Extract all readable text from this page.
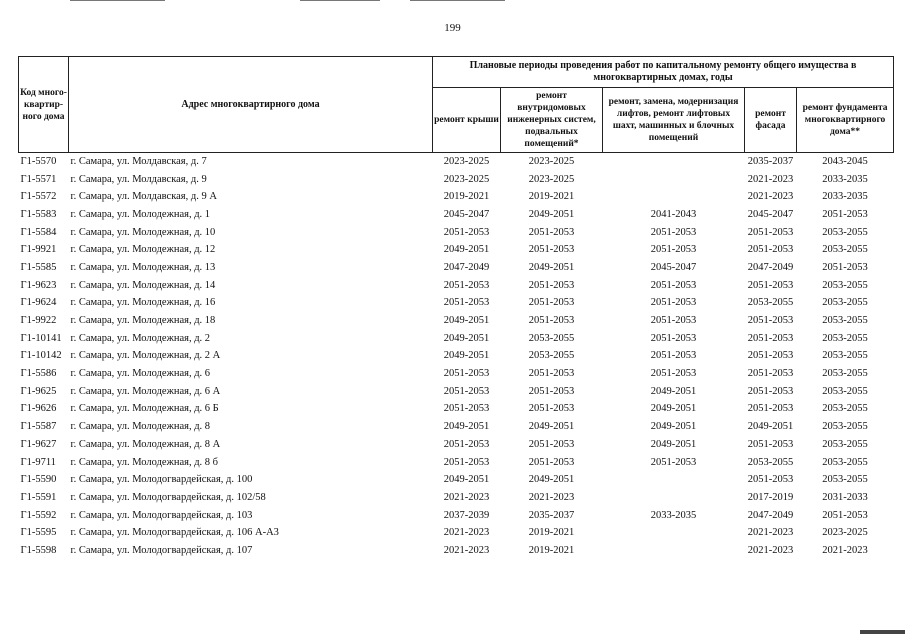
199
Код много-квартир-ного дома	Адрес многоквартирного дома	Плановые периоды проведения работ по капитальному ремонту общего имущества в многоквартирных домах, годы				
		ремонт крыши	ремонт внутридомовых инженерных систем, подвальных помещений*	ремонт, замена, модернизация лифтов, ремонт лифтовых шахт, машинных и блочных помещений	ремонт фасада	ремонт фундамента многоквартирного дома**
Г1-5570	г. Самара, ул. Молдавская, д. 7	2023-2025	2023-2025		2035-2037	2043-2045
Г1-5571	г. Самара, ул. Молдавская, д. 9	2023-2025	2023-2025		2021-2023	2033-2035
Г1-5572	г. Самара, ул. Молдавская, д. 9 А	2019-2021	2019-2021		2021-2023	2033-2035
Г1-5583	г. Самара, ул. Молодежная, д. 1	2045-2047	2049-2051	2041-2043	2045-2047	2051-2053
Г1-5584	г. Самара, ул. Молодежная, д. 10	2051-2053	2051-2053	2051-2053	2051-2053	2053-2055
Г1-9921	г. Самара, ул. Молодежная, д. 12	2049-2051	2051-2053	2051-2053	2051-2053	2053-2055
Г1-5585	г. Самара, ул. Молодежная, д. 13	2047-2049	2049-2051	2045-2047	2047-2049	2051-2053
Г1-9623	г. Самара, ул. Молодежная, д. 14	2051-2053	2051-2053	2051-2053	2051-2053	2053-2055
Г1-9624	г. Самара, ул. Молодежная, д. 16	2051-2053	2051-2053	2051-2053	2053-2055	2053-2055
Г1-9922	г. Самара, ул. Молодежная, д. 18	2049-2051	2051-2053	2051-2053	2051-2053	2053-2055
Г1-10141	г. Самара, ул. Молодежная, д. 2	2049-2051	2053-2055	2051-2053	2051-2053	2053-2055
Г1-10142	г. Самара, ул. Молодежная, д. 2 А	2049-2051	2053-2055	2051-2053	2051-2053	2053-2055
Г1-5586	г. Самара, ул. Молодежная, д. 6	2051-2053	2051-2053	2051-2053	2051-2053	2053-2055
Г1-9625	г. Самара, ул. Молодежная, д. 6 А	2051-2053	2051-2053	2049-2051	2051-2053	2053-2055
Г1-9626	г. Самара, ул. Молодежная, д. 6 Б	2051-2053	2051-2053	2049-2051	2051-2053	2053-2055
Г1-5587	г. Самара, ул. Молодежная, д. 8	2049-2051	2049-2051	2049-2051	2049-2051	2053-2055
Г1-9627	г. Самара, ул. Молодежная, д. 8 А	2051-2053	2051-2053	2049-2051	2051-2053	2053-2055
Г1-9711	г. Самара, ул. Молодежная, д. 8 б	2051-2053	2051-2053	2051-2053	2053-2055	2053-2055
Г1-5590	г. Самара, ул. Молодогвардейская, д. 100	2049-2051	2049-2051		2051-2053	2053-2055
Г1-5591	г. Самара, ул. Молодогвардейская, д. 102/58	2021-2023	2021-2023		2017-2019	2031-2033
Г1-5592	г. Самара, ул. Молодогвардейская, д. 103	2037-2039	2035-2037	2033-2035	2047-2049	2051-2053
Г1-5595	г. Самара, ул. Молодогвардейская, д. 106 А-А3	2021-2023	2019-2021		2021-2023	2023-2025
Г1-5598	г. Самара, ул. Молодогвардейская, д. 107	2021-2023	2019-2021		2021-2023	2021-2023
